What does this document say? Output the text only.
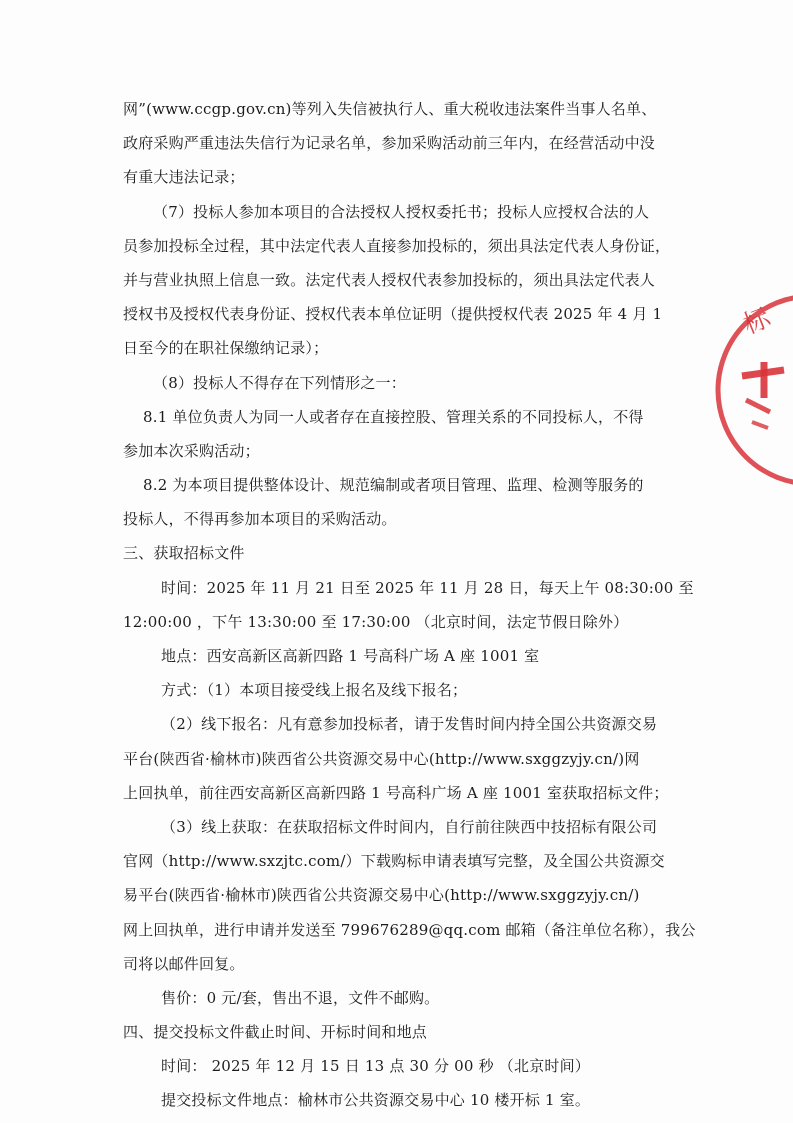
网”(www.ccgp.gov.cn)等列入失信被执行人、重大税收违法案件当事人名单、
政府采购严重违法失信行为记录名单，参加采购活动前三年内，在经营活动中没
有重大违法记录；
（7）投标人参加本项目的合法授权人授权委托书；投标人应授权合法的人
员参加投标全过程，其中法定代表人直接参加投标的，须出具法定代表人身份证，
并与营业执照上信息一致。法定代表人授权代表参加投标的，须出具法定代表人
授权书及授权代表身份证、授权代表本单位证明（提供授权代表 2025 年 4 月 1
日至今的在职社保缴纳记录）；
（8）投标人不得存在下列情形之一：
8.1 单位负责人为同一人或者存在直接控股、管理关系的不同投标人，不得
参加本次采购活动；
8.2 为本项目提供整体设计、规范编制或者项目管理、监理、检测等服务的
投标人，不得再参加本项目的采购活动。
三、获取招标文件
时间：2025 年 11 月 21 日至 2025 年 11 月 28 日，每天上午 08:30:00 至
12:00:00 ，下午 13:30:00 至 17:30:00 （北京时间，法定节假日除外）
地点：西安高新区高新四路 1 号高科广场 A 座 1001 室
方式：（1）本项目接受线上报名及线下报名；
（2）线下报名：凡有意参加投标者，请于发售时间内持全国公共资源交易
平台(陕西省·榆林市)陕西省公共资源交易中心(http://www.sxggzyjy.cn/)网
上回执单，前往西安高新区高新四路 1 号高科广场 A 座 1001 室获取招标文件；
（3）线上获取：在获取招标文件时间内，自行前往陕西中技招标有限公司
官网（http://www.sxzjtc.com/）下载购标申请表填写完整，及全国公共资源交
易平台(陕西省·榆林市)陕西省公共资源交易中心(http://www.sxggzyjy.cn/)
网上回执单，进行申请并发送至 799676289@qq.com 邮箱（备注单位名称），我公
司将以邮件回复。
售价：0 元/套，售出不退，文件不邮购。
四、提交投标文件截止时间、开标时间和地点
时间： 2025 年 12 月 15 日 13 点 30 分 00 秒 （北京时间）
提交投标文件地点：榆林市公共资源交易中心 10 楼开标 1 室。
标
